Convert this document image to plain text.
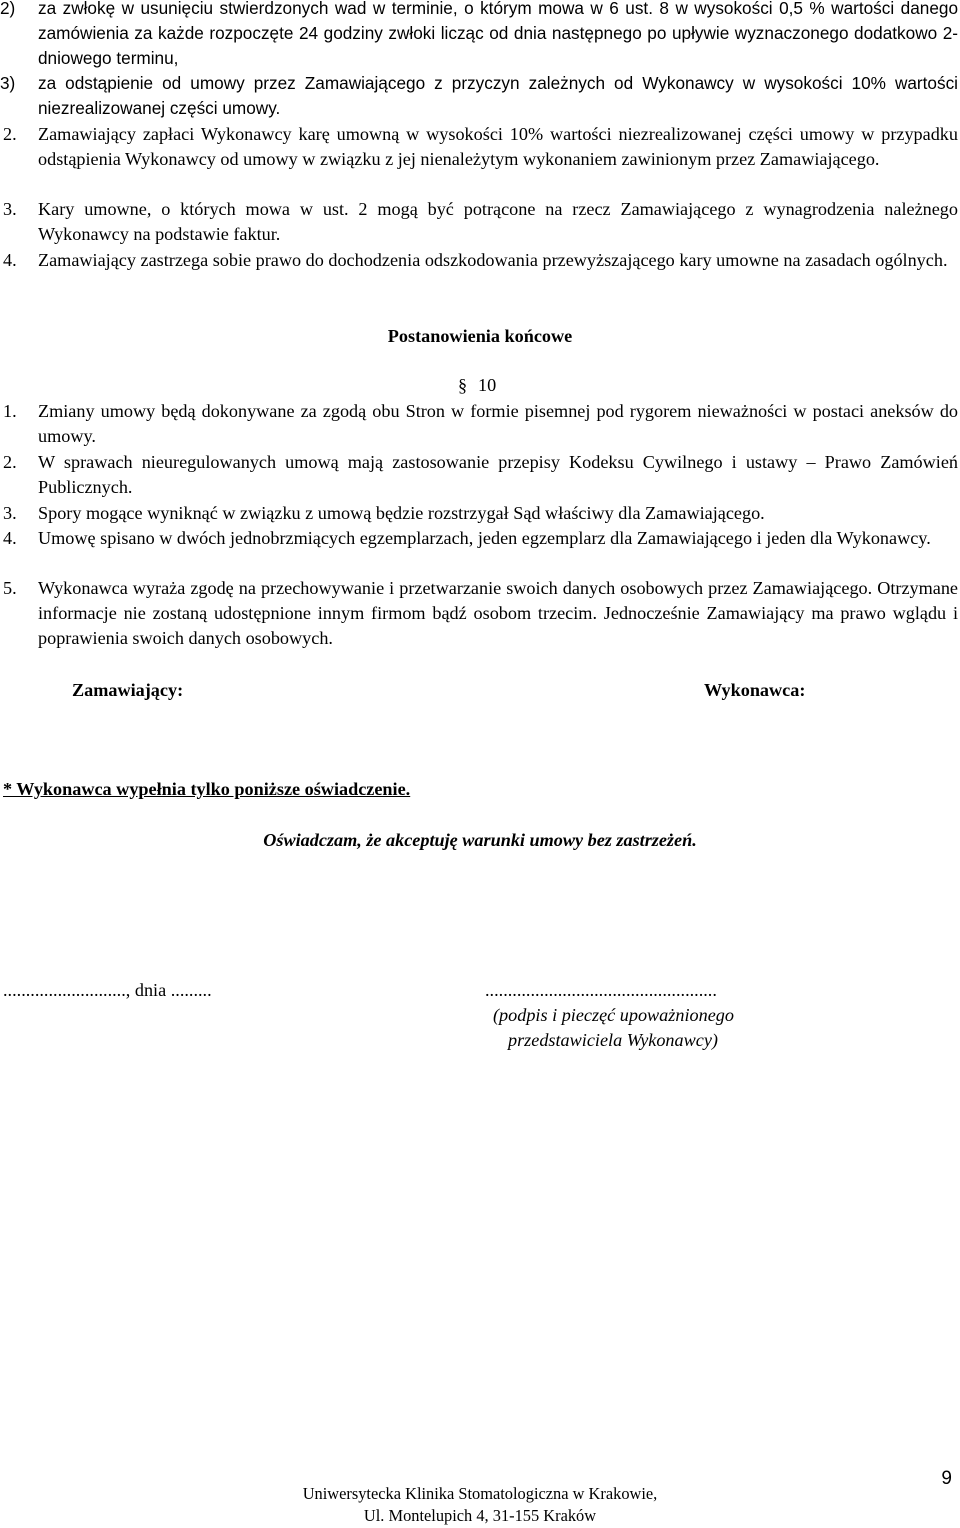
2) za zwłokę w usunięciu stwierdzonych wad w terminie, o którym mowa w 6 ust. 8 w wysokości 0,5 % wartości danego zamówienia za każde rozpoczęte 24 godziny zwłoki licząc od dnia następnego po upływie wyznaczonego dodatkowo 2- dniowego terminu,

3) za odstąpienie od umowy przez Zamawiającego z przyczyn zależnych od Wykonawcy w wysokości 10% wartości niezrealizowanej części umowy.

2. Zamawiający zapłaci Wykonawcy karę umowną w wysokości 10% wartości niezrealizowanej części umowy w przypadku odstąpienia Wykonawcy od umowy w związku z jej nienależytym wykonaniem zawinionym przez Zamawiającego.

3. Kary umowne, o których mowa w ust. 2 mogą być potrącone na rzecz Zamawiającego z wynagrodzenia należnego Wykonawcy na podstawie faktur.

4. Zamawiający zastrzega sobie prawo do dochodzenia odszkodowania przewyższającego kary umowne na zasadach ogólnych.

Postanowienia końcowe
§ 10
1. Zmiany umowy będą dokonywane za zgodą obu Stron w formie pisemnej pod rygorem nieważności w postaci aneksów do umowy.

2. W sprawach nieuregulowanych umową mają zastosowanie przepisy Kodeksu Cywilnego i ustawy – Prawo Zamówień Publicznych.

3. Spory mogące wyniknąć w związku z umową będzie rozstrzygał Sąd właściwy dla Zamawiającego.

4. Umowę spisano w dwóch jednobrzmiących egzemplarzach, jeden egzemplarz dla Zamawiającego i jeden dla Wykonawcy.

5. Wykonawca wyraża zgodę na przechowywanie i przetwarzanie swoich danych osobowych przez Zamawiającego. Otrzymane informacje nie zostaną udostępnione innym firmom bądź osobom trzecim. Jednocześnie Zamawiający ma prawo wglądu i poprawienia swoich danych osobowych.

Zamawiający:	Wykonawca:
* Wykonawca wypełnia tylko poniższe oświadczenie.
Oświadczam, że akceptuję warunki umowy bez zastrzeżeń.
..........................., dnia .........	...................................................
(podpis i pieczęć upoważnionego
przedstawiciela Wykonawcy)
Uniwersytecka Klinika Stomatologiczna w Krakowie,
Ul. Montelupich 4, 31-155 Kraków
9
